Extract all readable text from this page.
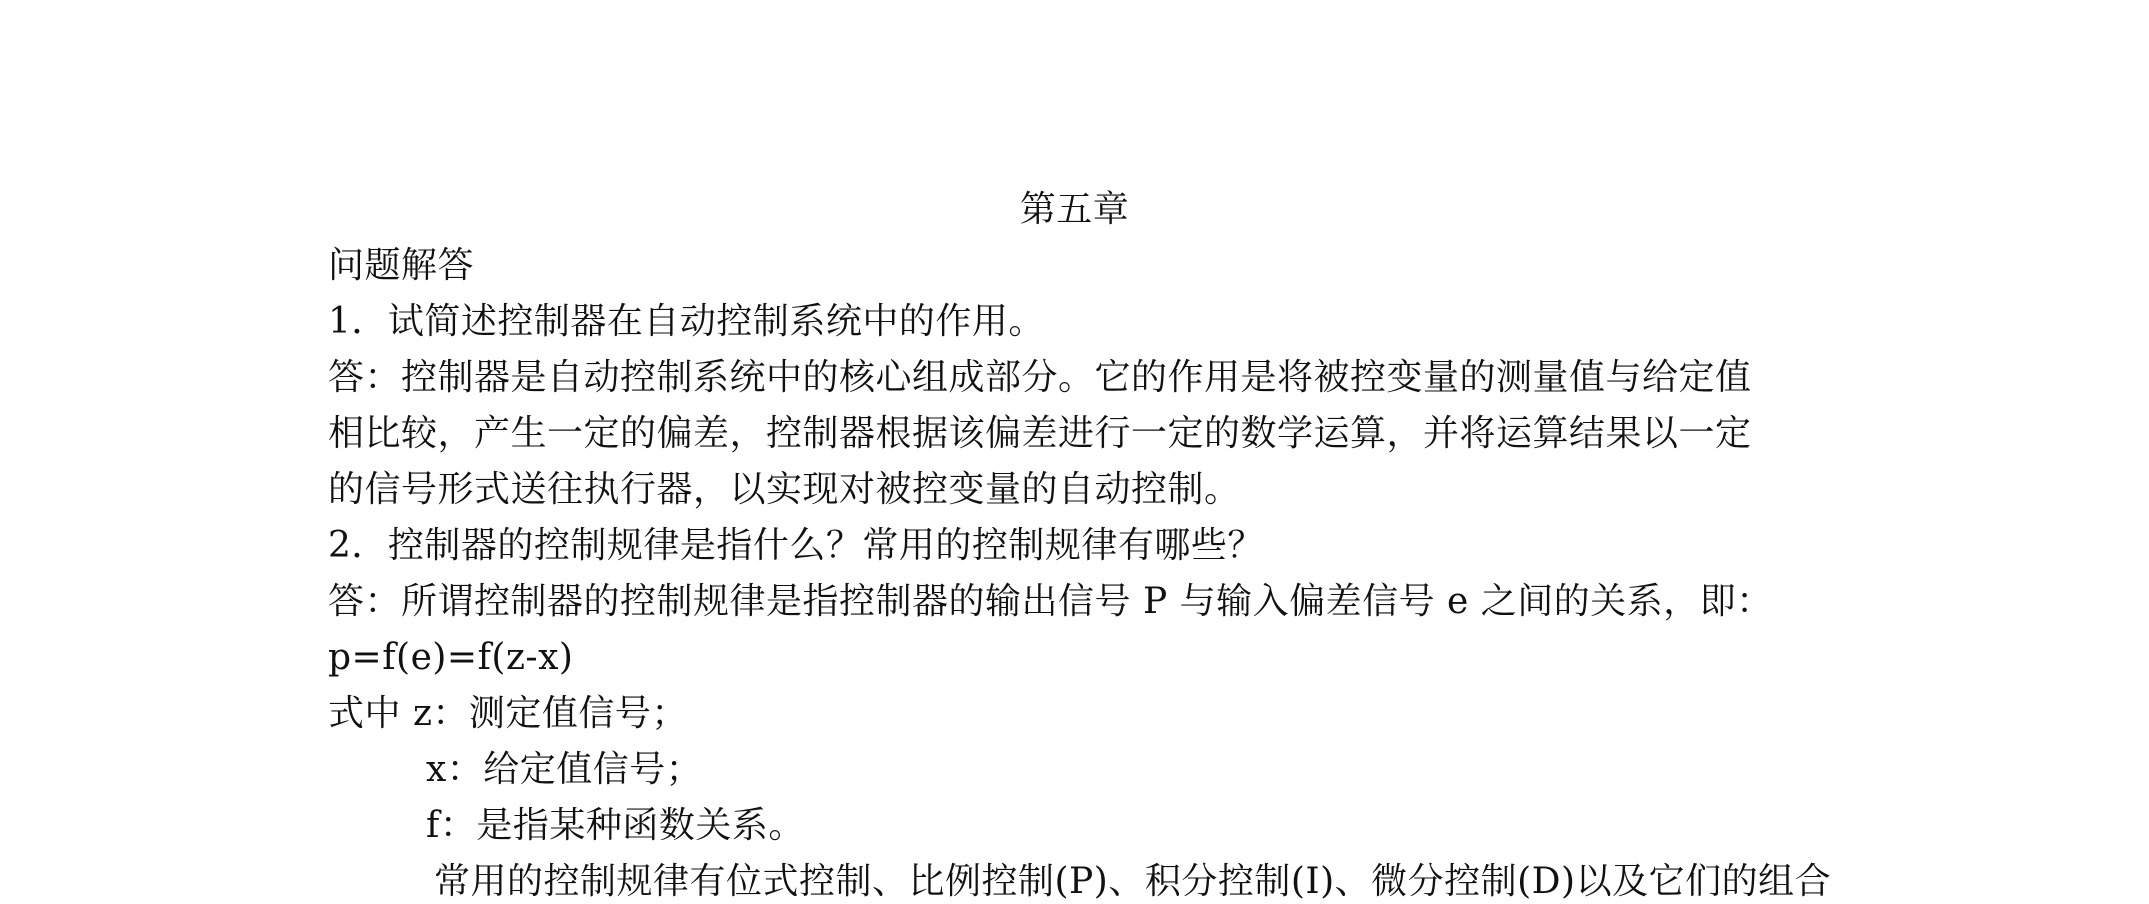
第五章
问题解答
1．试简述控制器在自动控制系统中的作用。
答：控制器是自动控制系统中的核心组成部分。它的作用是将被控变量的测量值与给定值
相比较，产生一定的偏差，控制器根据该偏差进行一定的数学运算，并将运算结果以一定
的信号形式送往执行器，以实现对被控变量的自动控制。
2．控制器的控制规律是指什么？常用的控制规律有哪些？
答：所谓控制器的控制规律是指控制器的输出信号 P 与输入偏差信号 e 之间的关系，即：
p=f(e)=f(z-x)
式中 z：测定值信号；
x：给定值信号；
f：是指某种函数关系。
常用的控制规律有位式控制、比例控制(P)、积分控制(I)、微分控制(D)以及它们的组合
